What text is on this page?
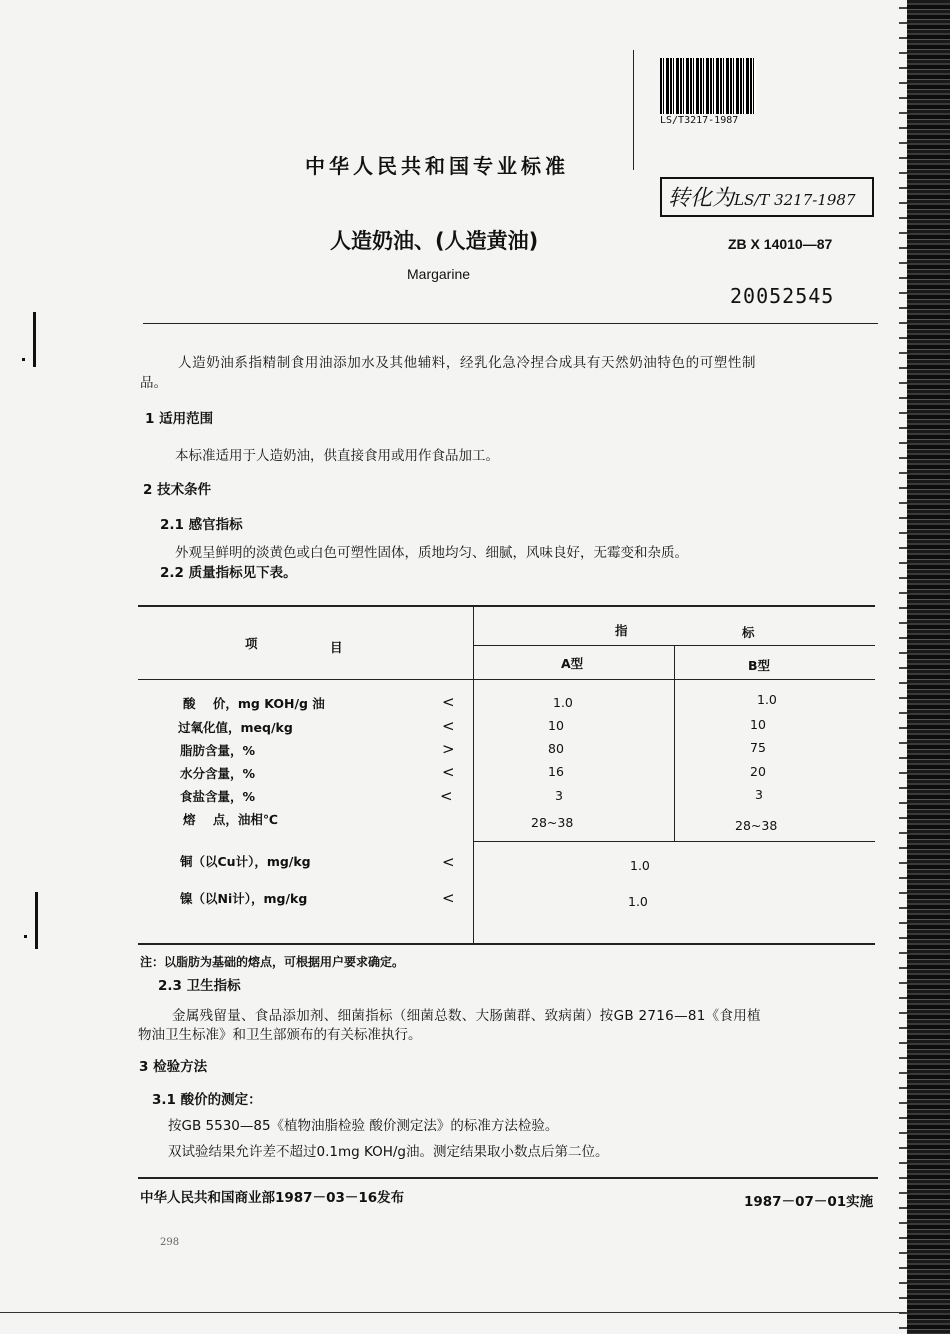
LS/T3217-1987
中华人民共和国专业标准
转化为LS/T 3217-1987
人造奶油、(人造黄油)
Margarine
ZB X 14010—87
20052545
人造奶油系指精制食用油添加水及其他辅料，经乳化急冷捏合成具有天然奶油特色的可塑性制
品。
1 适用范围
本标准适用于人造奶油，供直接食用或用作食品加工。
2 技术条件
2.1 感官指标
外观呈鲜明的淡黄色或白色可塑性固体，质地均匀、细腻，风味良好，无霉变和杂质。
2.2 质量指标见下表。
项	目
指	标
A型	B型
酸    价，mg KOH/g 油	<	1.0	1.0
过氧化值，meq/kg	<	10	10
脂肪含量，%	>	80	75
水分含量，%	<	16	20
食盐含量，%	<	3	3
熔    点，油相℃	28~38	28~38
铜（以Cu计），mg/kg	<	1.0
镍（以Ni计），mg/kg	<	1.0
注：以脂肪为基础的熔点，可根据用户要求确定。
2.3 卫生指标
金属残留量、食品添加剂、细菌指标（细菌总数、大肠菌群、致病菌）按GB 2716—81《食用植
物油卫生标准》和卫生部颁布的有关标准执行。
3 检验方法
3.1 酸价的测定：
按GB 5530—85《植物油脂检验 酸价测定法》的标准方法检验。
双试验结果允许差不超过0.1mg KOH/g油。测定结果取小数点后第二位。
中华人民共和国商业部1987－03－16发布	1987－07－01实施
298
